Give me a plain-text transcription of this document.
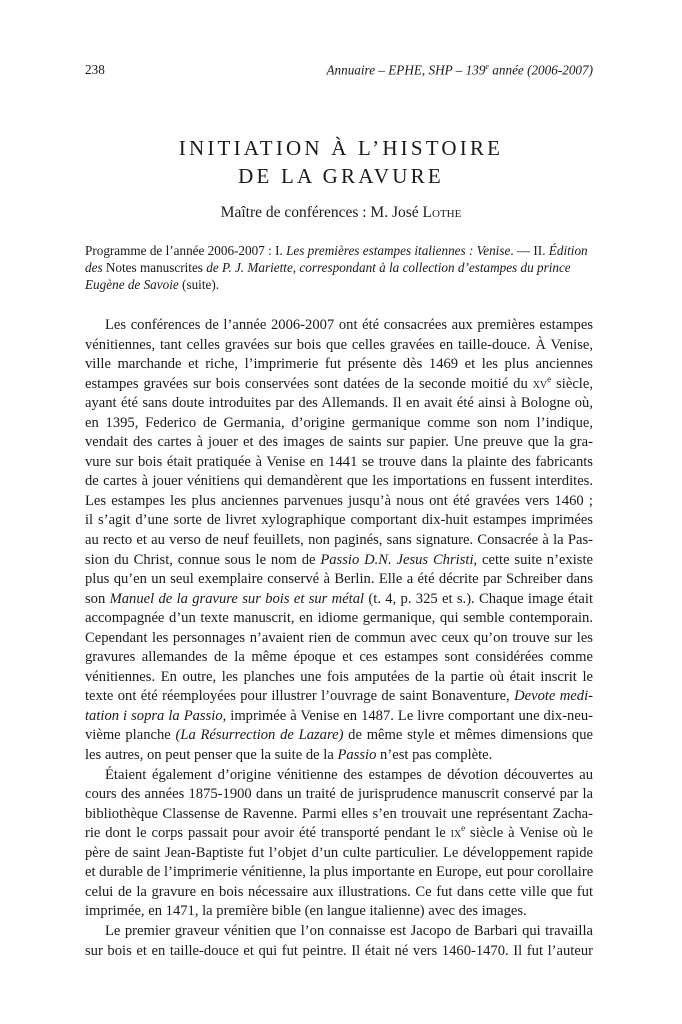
238	Annuaire – EPHE, SHP – 139e année (2006-2007)
INITIATION À L’HISTOIRE
DE LA GRAVURE
Maître de conférences : M. José Lothe
Programme de l’année 2006-2007 : I. Les premières estampes italiennes : Venise. — II. Édition des Notes manuscrites de P. J. Mariette, correspondant à la collection d’estampes du prince Eugène de Savoie (suite).
Les conférences de l’année 2006-2007 ont été consacrées aux premières estampes
vénitiennes, tant celles gravées sur bois que celles gravées en taille-douce. À Venise,
ville marchande et riche, l’imprimerie fut présente dès 1469 et les plus anciennes
estampes gravées sur bois conservées sont datées de la seconde moitié du $xv^e$ siècle,
ayant été sans doute introduites par des Allemands. Il en avait été ainsi à Bologne où,
en 1395, Federico de Germania, d’origine germanique comme son nom l’indique,
vendait des cartes à jouer et des images de saints sur papier. Une preuve que la gra-
vure sur bois était pratiquée à Venise en 1441 se trouve dans la plainte des fabricants
de cartes à jouer vénitiens qui demandèrent que les importations en fussent interdites.
Les estampes les plus anciennes parvenues jusqu’à nous ont été gravées vers 1460 ;
il s’agit d’une sorte de livret xylographique comportant dix-huit estampes imprimées
au recto et au verso de neuf feuillets, non paginés, sans signature. Consacrée à la Pas-
sion du Christ, connue sous le nom de Passio D.N. Jesus Christi, cette suite n’existe
plus qu’en un seul exemplaire conservé à Berlin. Elle a été décrite par Schreiber dans
son Manuel de la gravure sur bois et sur métal (t. 4, p. 325 et s.). Chaque image était
accompagnée d’un texte manuscrit, en idiome germanique, qui semble contemporain.
Cependant les personnages n’avaient rien de commun avec ceux qu’on trouve sur les
gravures allemandes de la même époque et ces estampes sont considérées comme
vénitiennes. En outre, les planches une fois amputées de la partie où était inscrit le
texte ont été réemployées pour illustrer l’ouvrage de saint Bonaventure, Devote medi-
tation i sopra la Passio, imprimée à Venise en 1487. Le livre comportant une dix-neu-
vième planche (La Résurrection de Lazare) de même style et mêmes dimensions que
les autres, on peut penser que la suite de la Passio n’est pas complète.
Étaient également d’origine vénitienne des estampes de dévotion découvertes au
cours des années 1875-1900 dans un traité de jurisprudence manuscrit conservé par la
bibliothèque Classense de Ravenne. Parmi elles s’en trouvait une représentant Zacha-
rie dont le corps passait pour avoir été transporté pendant le $ix^e$ siècle à Venise où le
père de saint Jean-Baptiste fut l’objet d’un culte particulier. Le développement rapide
et durable de l’imprimerie vénitienne, la plus importante en Europe, eut pour corollaire
celui de la gravure en bois nécessaire aux illustrations. Ce fut dans cette ville que fut
imprimée, en 1471, la première bible (en langue italienne) avec des images.
Le premier graveur vénitien que l’on connaisse est Jacopo de Barbari qui travailla
sur bois et en taille-douce et qui fut peintre. Il était né vers 1460-1470. Il fut l’auteur
